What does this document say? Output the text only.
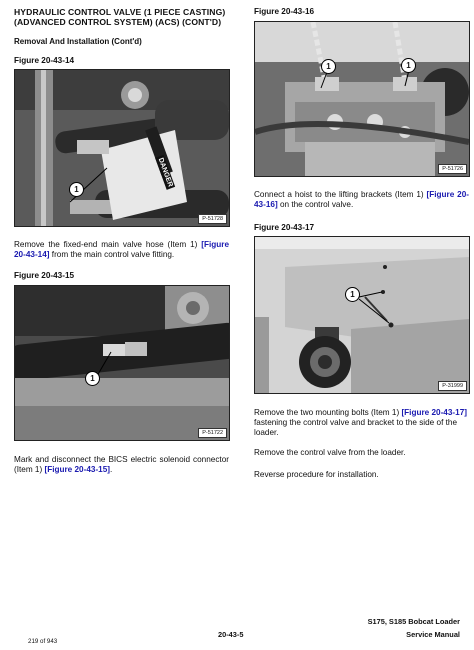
HYDRAULIC CONTROL VALVE (1 PIECE CASTING)
(ADVANCED CONTROL SYSTEM) (ACS) (CONT'D)
Removal And Installation (Cont'd)
Figure 20-43-14
DANGER
1
P-51728
Remove the fixed-end main valve hose (Item 1) [Figure 20-43-14] from the main control valve fitting.
Figure 20-43-15
1
P-51722
Mark and disconnect the BICS electric solenoid connector (Item 1) [Figure 20-43-15].
Figure 20-43-16
1	1
P-51726
Connect a hoist to the lifting brackets (Item 1) [Figure 20-43-16] on the control valve.
Figure 20-43-17
1
P-31999
Remove the two mounting bolts (Item 1) [Figure 20-43-17] fastening the control valve and bracket to the side of the loader.
Remove the control valve from the loader.
Reverse procedure for installation.
S175, S185 Bobcat Loader
Service Manual
20-43-5
219 of 943
